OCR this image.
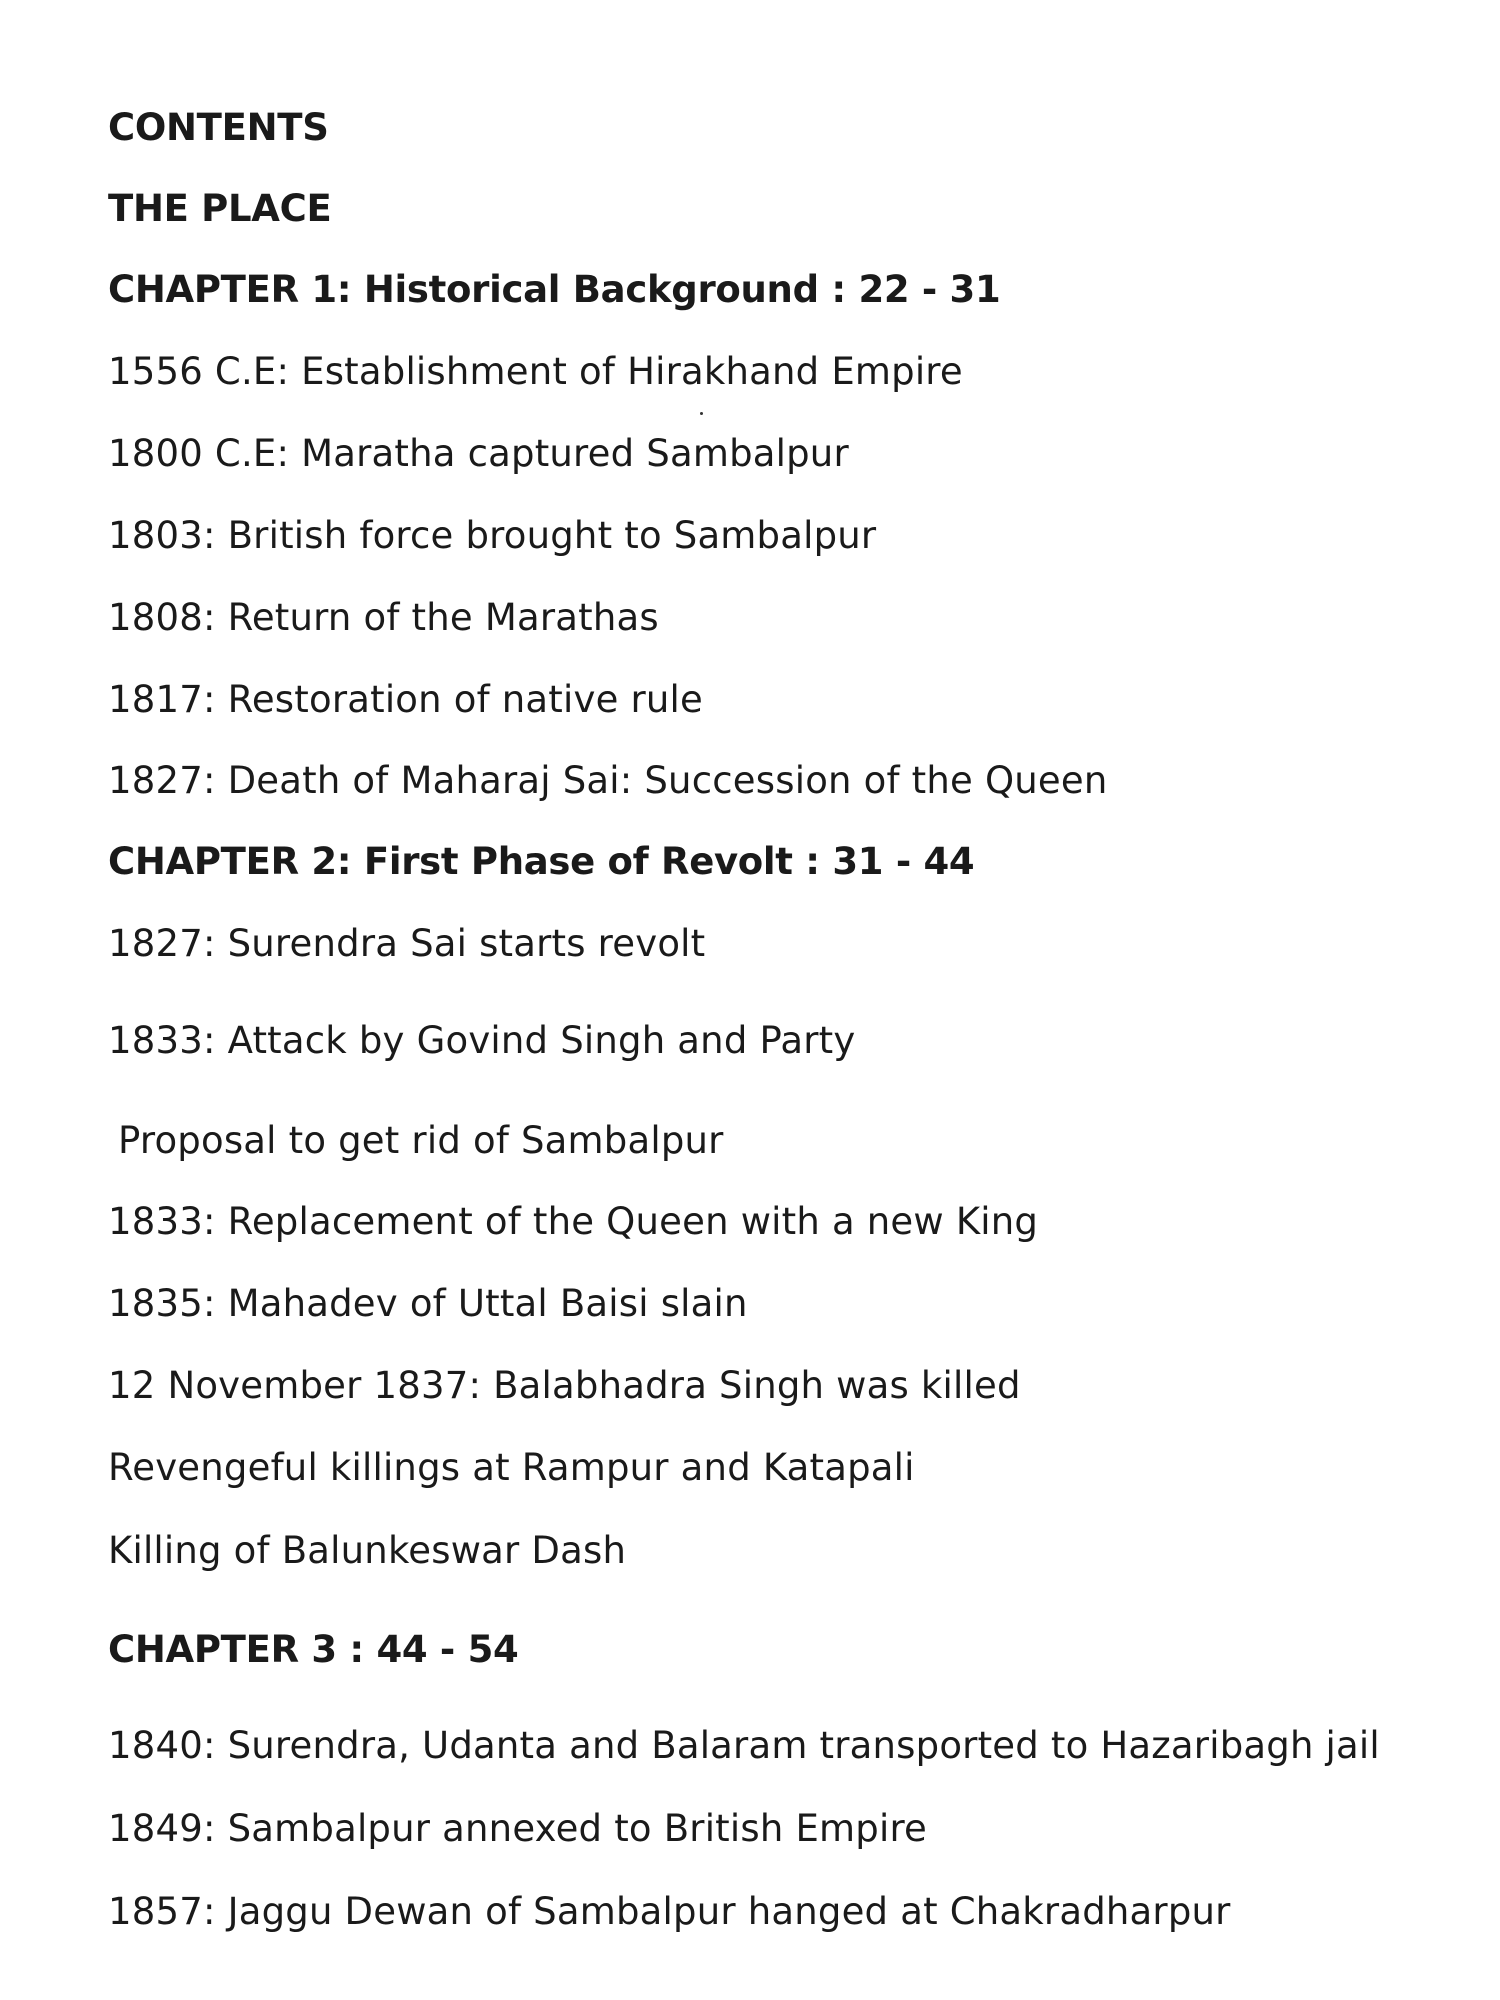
CONTENTS
THE PLACE
CHAPTER 1: Historical Background : 22 - 31
1556 C.E: Establishment of Hirakhand Empire
1800 C.E: Maratha captured Sambalpur
1803: British force brought to Sambalpur
1808: Return of the Marathas
1817: Restoration of native rule
1827: Death of Maharaj Sai: Succession of the Queen
CHAPTER 2: First Phase of Revolt : 31 - 44
1827: Surendra Sai starts revolt
1833: Attack by Govind Singh and Party
Proposal to get rid of Sambalpur
1833: Replacement of the Queen with a new King
1835: Mahadev of Uttal Baisi slain
12 November 1837: Balabhadra Singh was killed
Revengeful killings at Rampur and Katapali
Killing of Balunkeswar Dash
CHAPTER 3 : 44 - 54
1840: Surendra, Udanta and Balaram transported to Hazaribagh jail
1849: Sambalpur annexed to British Empire
1857: Jaggu Dewan of Sambalpur hanged at Chakradharpur
